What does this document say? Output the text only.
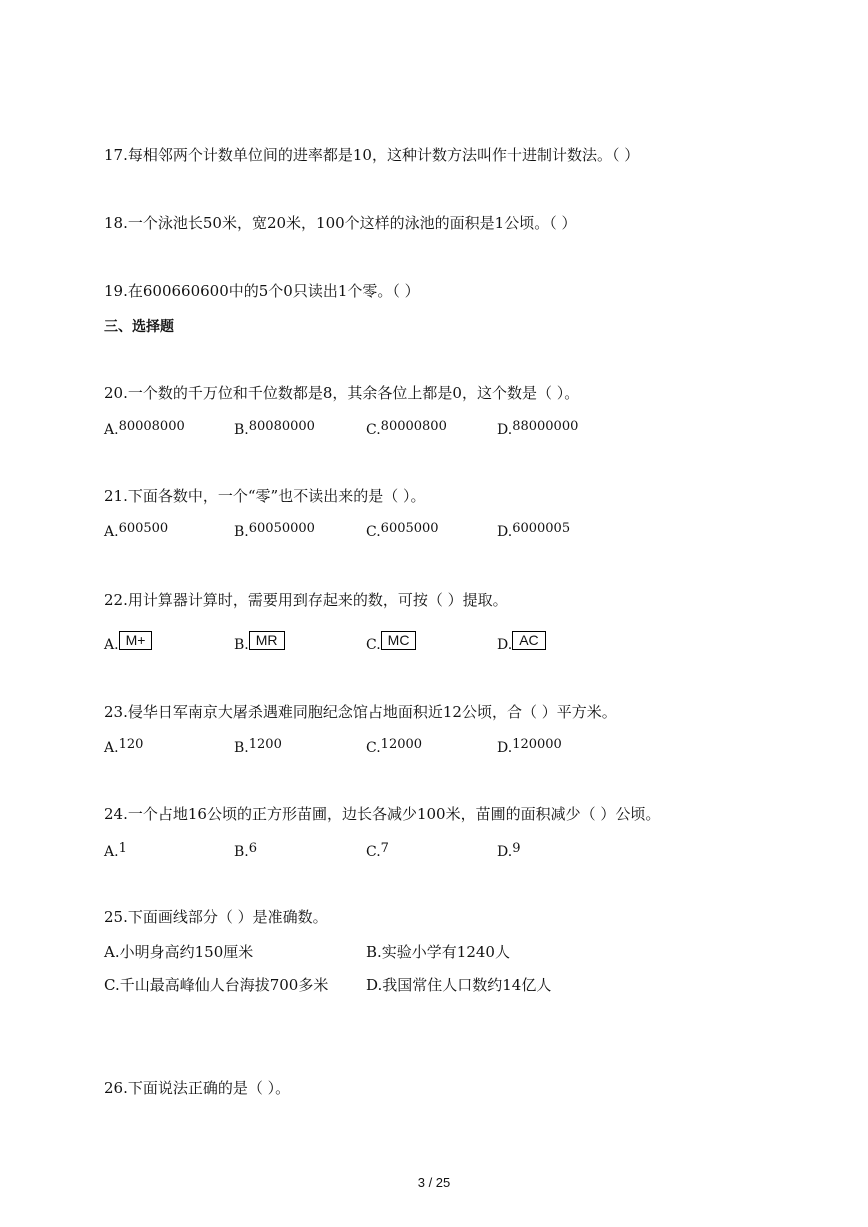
17.每相邻两个计数单位间的进率都是10，这种计数方法叫作十进制计数法。（ ）
18.一个泳池长50米，宽20米，100个这样的泳池的面积是1公顷。（ ）
19.在600660600中的5个0只读出1个零。（ ）
三、选择题
20.一个数的千万位和千位数都是8，其余各位上都是0，这个数是（ ）。
A.80008000	B.80080000	C.80000800	D.88000000
21.下面各数中，一个“零”也不读出来的是（ ）。
A.600500	B.60050000	C.6005000	D.6000005
22.用计算器计算时，需要用到存起来的数，可按（ ）提取。
A. M+	B. MR	C. MC	D. AC
23.侵华日军南京大屠杀遇难同胞纪念馆占地面积近12公顷，合（ ）平方米。
A.120	B.1200	C.12000	D.120000
24.一个占地16公顷的正方形苗圃，边长各减少100米，苗圃的面积减少（ ）公顷。
A.1	B.6	C.7	D.9
25.下面画线部分（ ）是准确数。
A.小明身高约150厘米	B.实验小学有1240人
C.千山最高峰仙人台海拔700多米	D.我国常住人口数约14亿人
26.下面说法正确的是（ ）。
3 / 25
